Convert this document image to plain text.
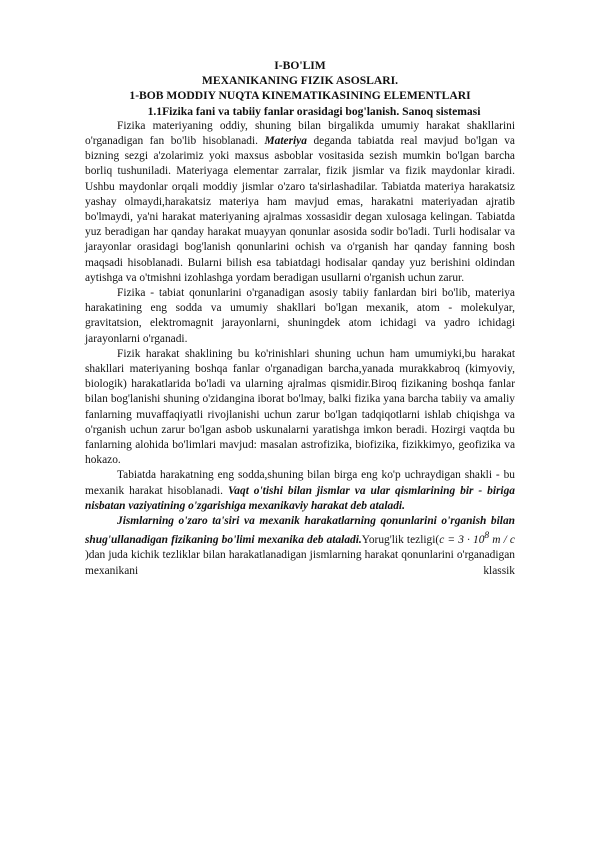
I-BO'LIM
MEXANIKANING FIZIK ASOSLARI.
1-BOB MODDIY NUQTA KINEMATIKASINING ELEMENTLARI
1.1Fizika fani va tabiiy fanlar orasidagi bog'lanish. Sanoq sistemasi

Fizika materiyaning oddiy, shuning bilan birgalikda umumiy harakat shakllarini o'rganadigan fan bo'lib hisoblanadi. Materiya deganda tabiatda real mavjud bo'lgan va bizning sezgi a'zolarimiz yoki maxsus asboblar vositasida sezish mumkin bo'lgan barcha borliq tushuniladi. Materiyaga elementar zarralar, fizik jismlar va fizik maydonlar kiradi. Ushbu maydonlar orqali moddiy jismlar o'zaro ta'sirlashadilar. Tabiatda materiya harakatsiz yashay olmaydi,harakatsiz materiya ham mavjud emas, harakatni materiyadan ajratib bo'lmaydi, ya'ni harakat materiyaning ajralmas xossasidir degan xulosaga kelingan. Tabiatda yuz beradigan har qanday harakat muayyan qonunlar asosida sodir bo'ladi. Turli hodisalar va jarayonlar orasidagi bog'lanish qonunlarini ochish va o'rganish har qanday fanning bosh maqsadi hisoblanadi. Bularni bilish esa tabiatdagi hodisalar qanday yuz berishini oldindan aytishga va o'tmishni izohlashga yordam beradigan usullarni o'rganish uchun zarur.

Fizika - tabiat qonunlarini o'rganadigan asosiy tabiiy fanlardan biri bo'lib, materiya harakatining eng sodda va umumiy shakllari bo'lgan mexanik, atom - molekulyar, gravitatsion, elektromagnit jarayonlarni, shuningdek atom ichidagi va yadro ichidagi jarayonlarni o'rganadi.

Fizik harakat shaklining bu ko'rinishlari shuning uchun ham umumiyki,bu harakat shakllari materiyaning boshqa fanlar o'rganadigan barcha,yanada murakkabroq (kimyoviy, biologik) harakatlarida bo'ladi va ularning ajralmas qismidir.Biroq fizikaning boshqa fanlar bilan bog'lanishi shuning o'zidangina iborat bo'lmay, balki fizika yana barcha tabiiy va amaliy fanlarning muvaffaqiyatli rivojlanishi uchun zarur bo'lgan tadqiqotlarni ishlab chiqishga va o'rganish uchun zarur bo'lgan asbob uskunalarni yaratishga imkon beradi. Hozirgi vaqtda bu fanlarning alohida bo'limlari mavjud: masalan astrofizika, biofizika, fizikkimyo, geofizika va hokazo.

Tabiatda harakatning eng sodda,shuning bilan birga eng ko'p uchraydigan shakli - bu mexanik harakat hisoblanadi. Vaqt o'tishi bilan jismlar va ular qismlarining bir - biriga nisbatan vaziyatining o'zgarishiga mexanikaviy harakat deb ataladi.

Jismlarning o'zaro ta'siri va mexanik harakatlarning qonunlarini o'rganish bilan shug'ullanadigan fizikaning bo'limi mexanika deb ataladi.Yorug'lik tezligi(c = $3 \cdot 10^8$ m / c )dan juda kichik tezliklar bilan harakatlanadigan jismlarning harakat qonunlarini o'rganadigan mexanikani klassik
